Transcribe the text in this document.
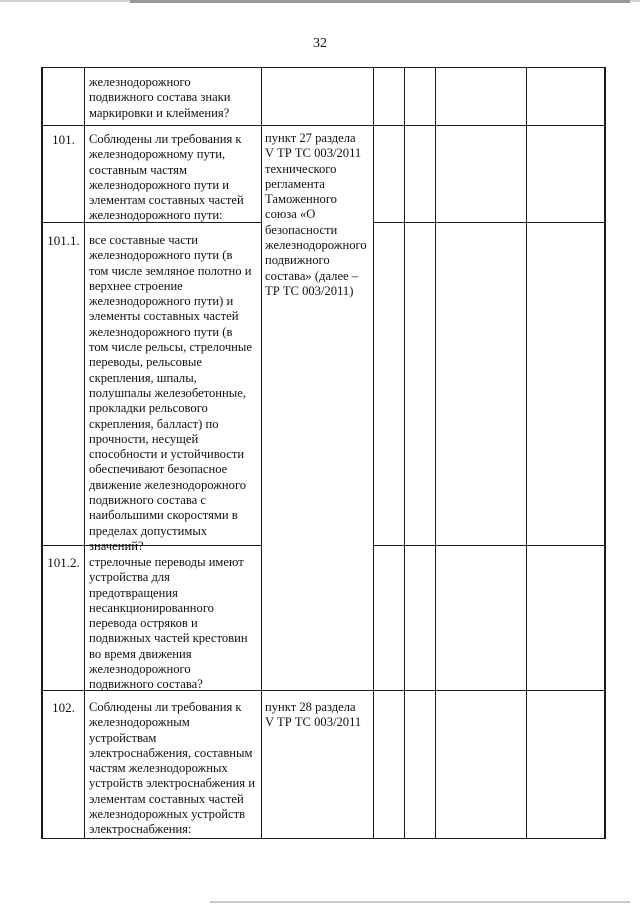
32
железнодорожного
подвижного состава знаки
маркировки и клеймения?
101.	Соблюдены ли требования к
железнодорожному пути,
составным частям
железнодорожного пути и
элементам составных частей
железнодорожного пути:
пункт 27 раздела
V ТР ТС 003/2011
технического
регламента
Таможенного
союза «О
безопасности
железнодорожного
подвижного
состава» (далее –
ТР ТС 003/2011)
101.1. все составные части
железнодорожного пути (в
том числе земляное полотно и
верхнее строение
железнодорожного пути) и
элементы составных частей
железнодорожного пути (в
том числе рельсы, стрелочные
переводы, рельсовые
скрепления, шпалы,
полушпалы железобетонные,
прокладки рельсового
скрепления, балласт) по
прочности, несущей
способности и устойчивости
обеспечивают безопасное
движение железнодорожного
подвижного состава с
наибольшими скоростями в
пределах допустимых
значений?
101.2. стрелочные переводы имеют
устройства для
предотвращения
несанкционированного
перевода остряков и
подвижных частей крестовин
во время движения
железнодорожного
подвижного состава?
102.	Соблюдены ли требования к
железнодорожным
устройствам
электроснабжения, составным
частям железнодорожных
устройств электроснабжения и
элементам составных частей
железнодорожных устройств
электроснабжения:
пункт 28 раздела
V ТР ТС 003/2011
